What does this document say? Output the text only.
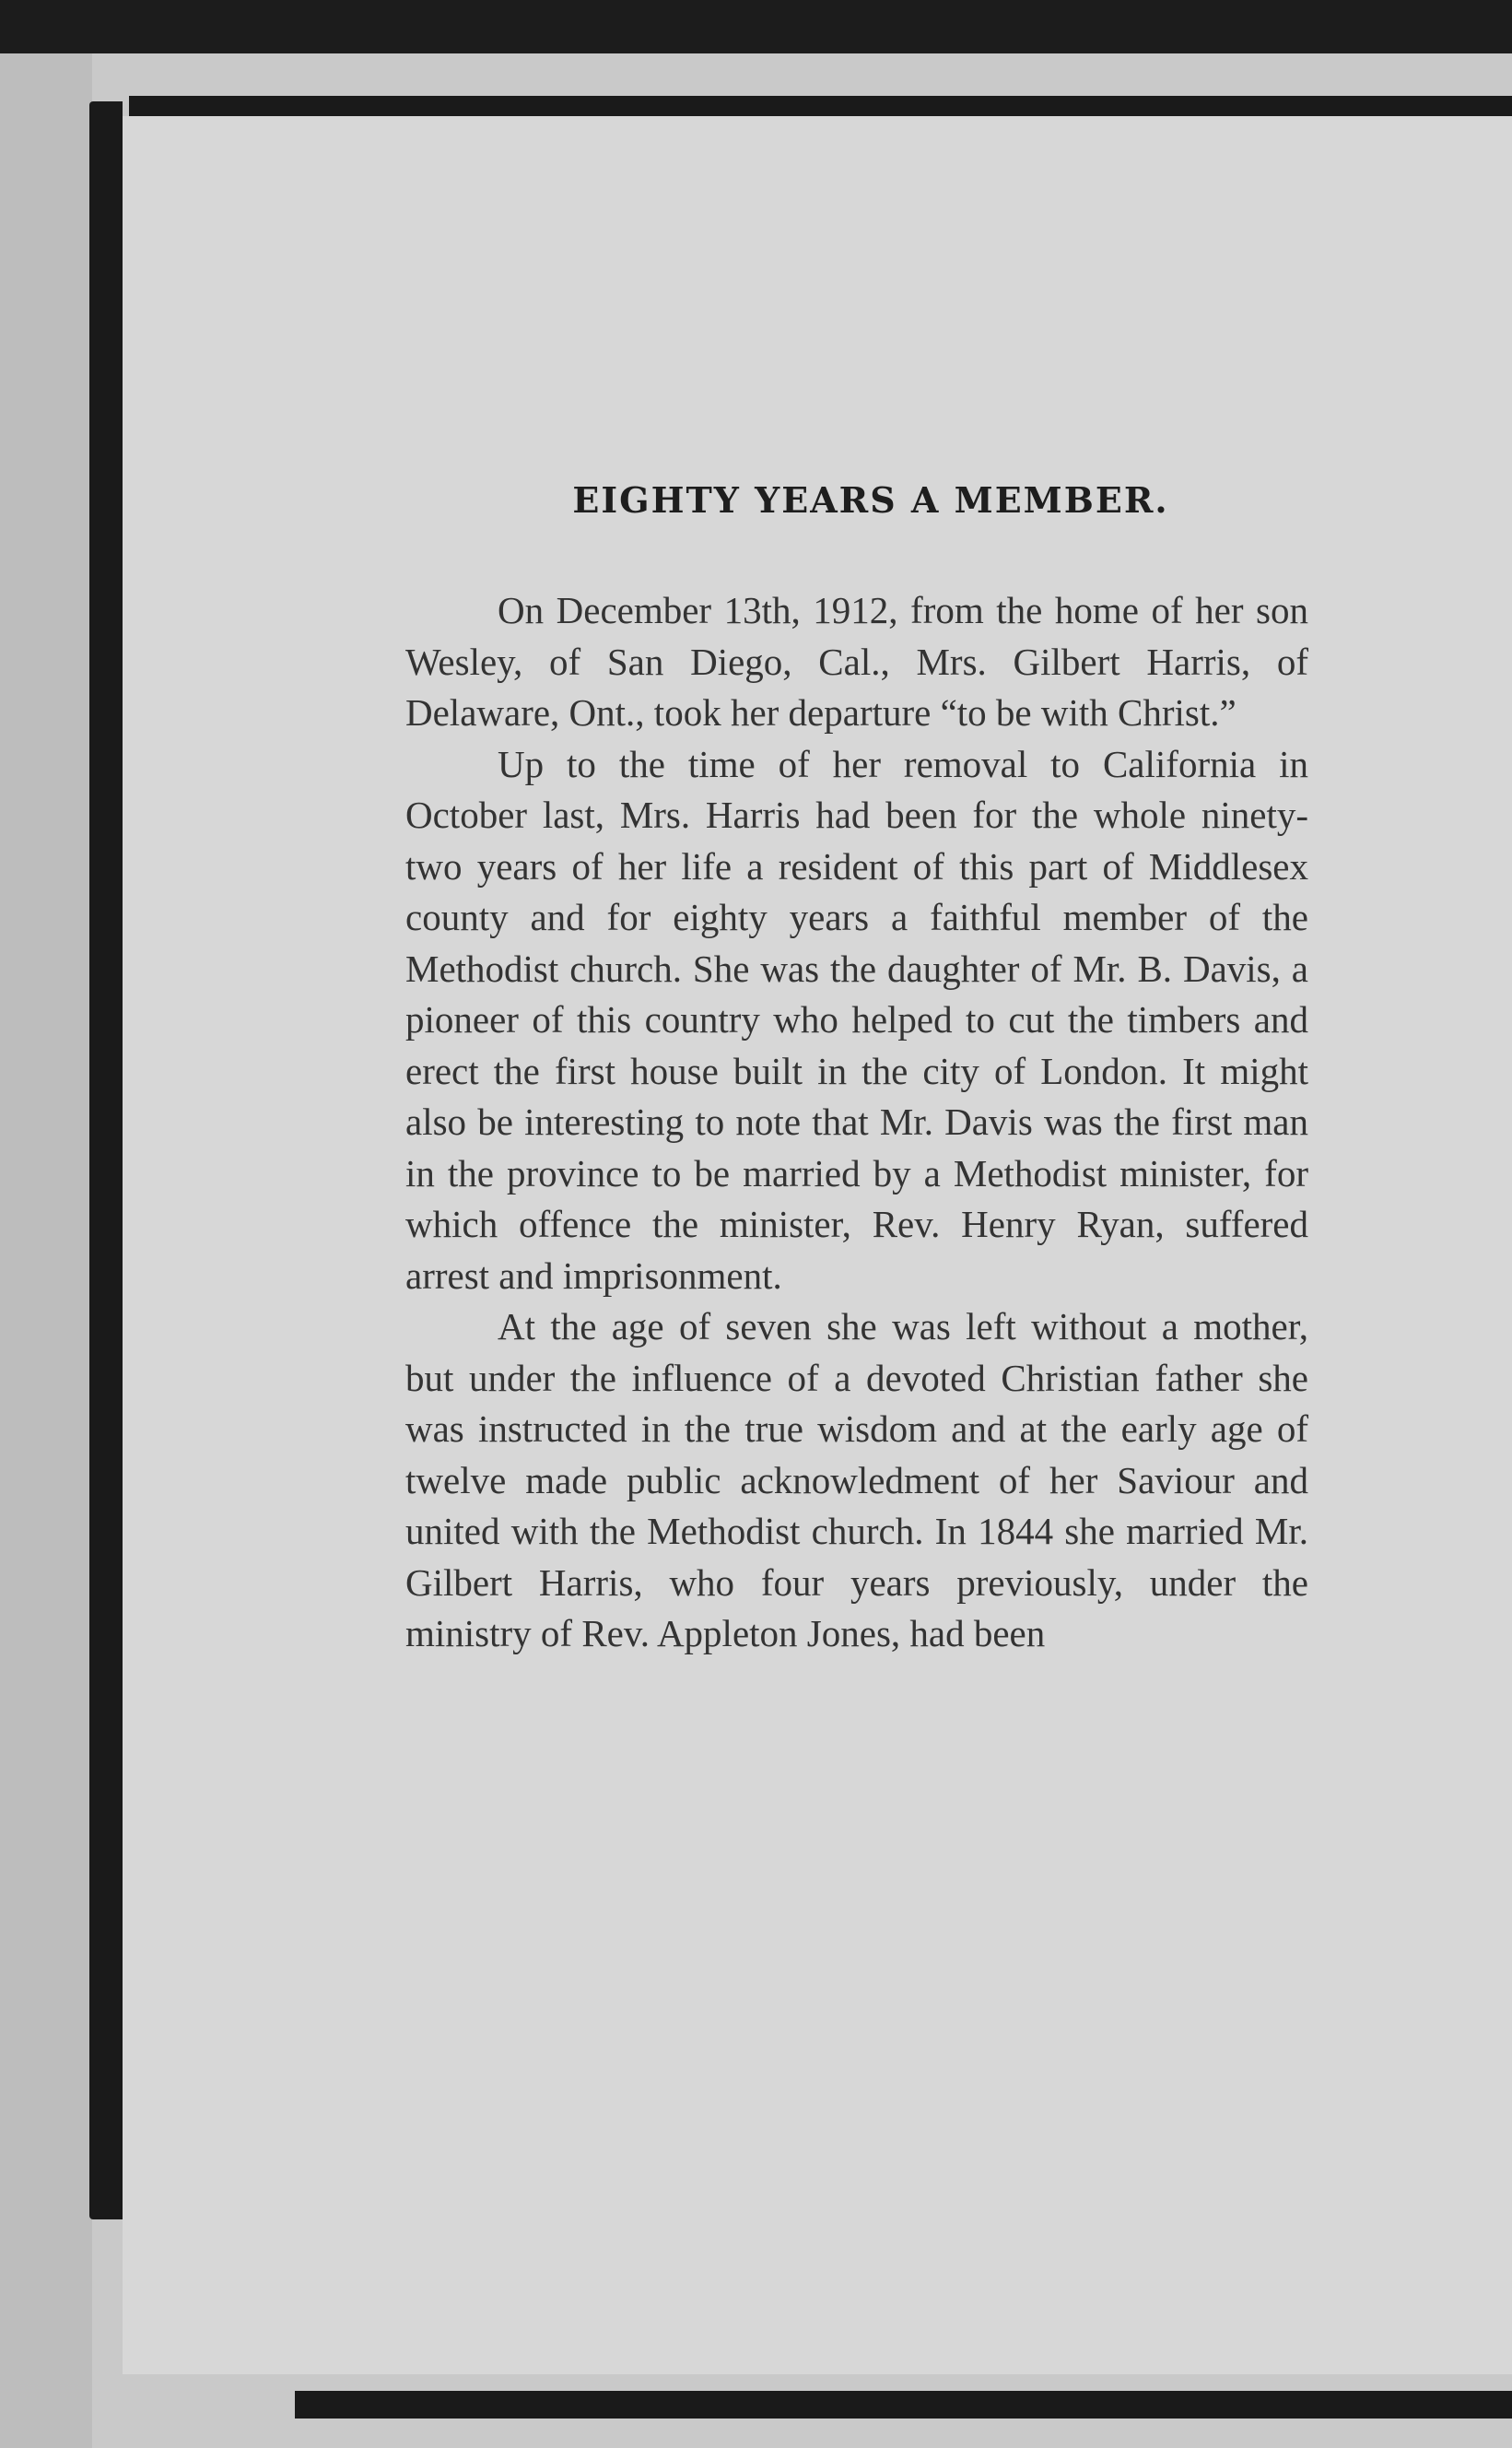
EIGHTY YEARS A MEMBER.

On December 13th, 1912, from the home of her son Wesley, of San Diego, Cal., Mrs. Gilbert Harris, of Delaware, Ont., took her departure “to be with Christ.”

Up to the time of her removal to California in October last, Mrs. Harris had been for the whole ninety-two years of her life a resident of this part of Middlesex county and for eighty years a faithful member of the Methodist church. She was the daughter of Mr. B. Davis, a pioneer of this country who helped to cut the timbers and erect the first house built in the city of London. It might also be interesting to note that Mr. Davis was the first man in the province to be married by a Methodist minister, for which offence the minister, Rev. Henry Ryan, suffered arrest and imprisonment.

At the age of seven she was left without a mother, but under the influence of a devoted Christian father she was instructed in the true wisdom and at the early age of twelve made public acknowledment of her Saviour and united with the Methodist church. In 1844 she married Mr. Gilbert Harris, who four years previously, under the ministry of Rev. Appleton Jones, had been
